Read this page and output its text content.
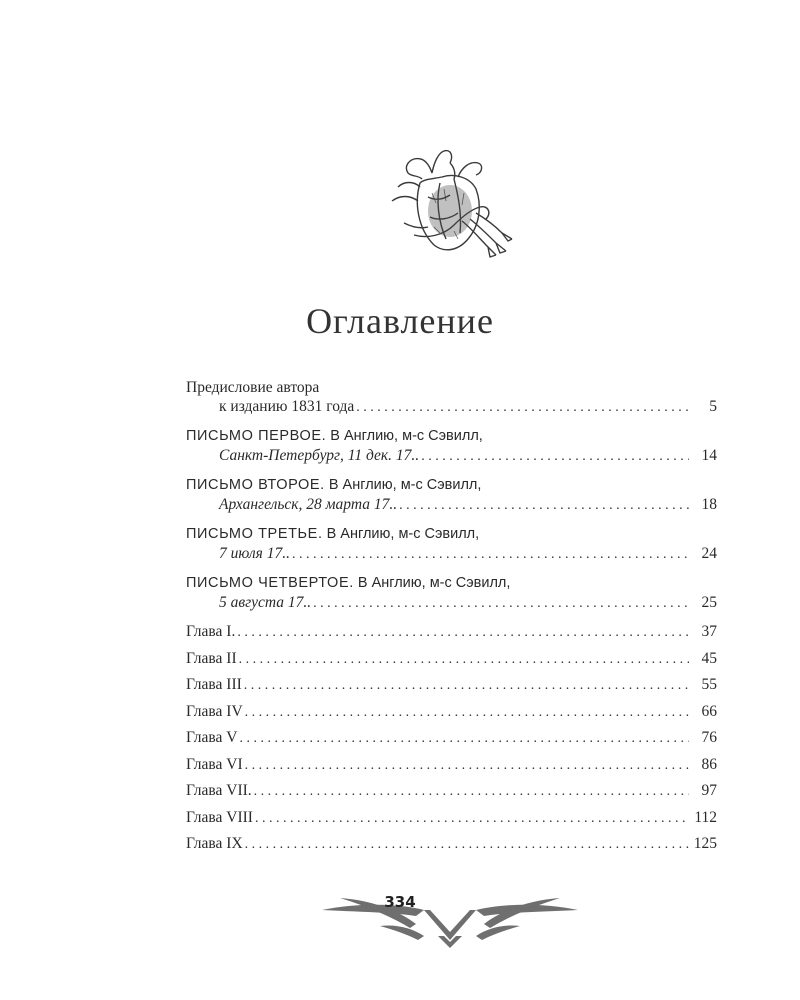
Оглавление
Предисловие автора
к изданию 1831 года . . .	5
ПИСЬМО ПЕРВОЕ. В Англию, м-с Сэвилл,
Санкт-Петербург, 11 дек. 17.. . . .	14
ПИСЬМО ВТОРОЕ. В Англию, м-с Сэвилл,
Архангельск, 28 марта 17.. . . .	18
ПИСЬМО ТРЕТЬЕ. В Англию, м-с Сэвилл,
7 июля 17.. . . .	24
ПИСЬМО ЧЕТВЕРТОЕ. В Англию, м-с Сэвилл,
5 августа 17.. . . .	25
Глава I. . . .	37
Глава II . . .	45
Глава III . . .	55
Глава IV . . .	66
Глава V . . .	76
Глава VI . . .	86
Глава VII. . . .	97
Глава VIII . . .	112
Глава IX . . .	125
334
